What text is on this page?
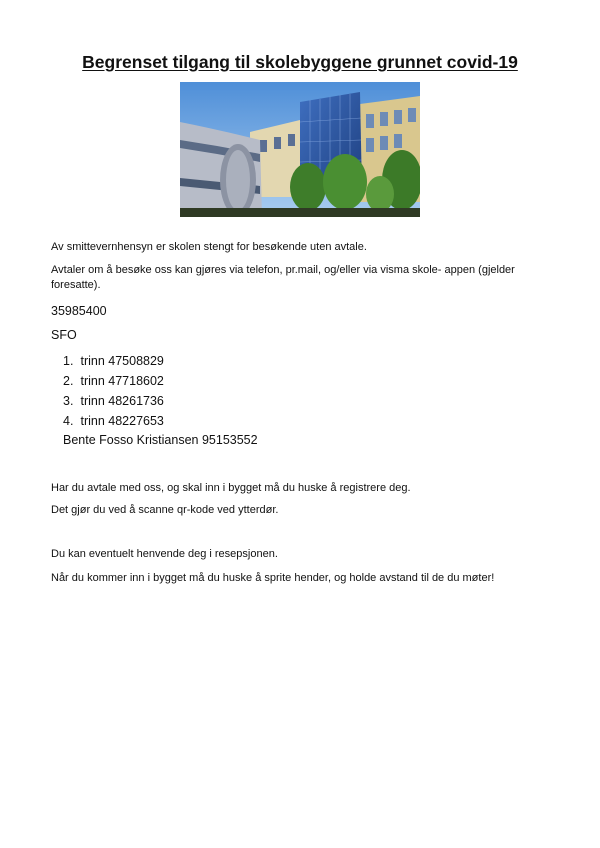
Begrenset tilgang til skolebyggene grunnet covid-19
Av smittevernhensyn er skolen stengt for besøkende uten avtale.
Avtaler om å besøke oss kan gjøres via telefon, pr.mail, og/eller via visma skole- appen (gjelder foresatte).
35985400
SFO
1. trinn 47508829
2. trinn 47718602
3. trinn 48261736
4. trinn 48227653
Bente Fosso Kristiansen 95153552
Har du avtale med oss, og skal inn i bygget må du huske å registrere deg.
Det gjør du ved å scanne qr-kode ved ytterdør.
Du kan eventuelt henvende deg i resepsjonen.
Når du kommer inn i bygget må du huske å sprite hender, og holde avstand til de du møter!
